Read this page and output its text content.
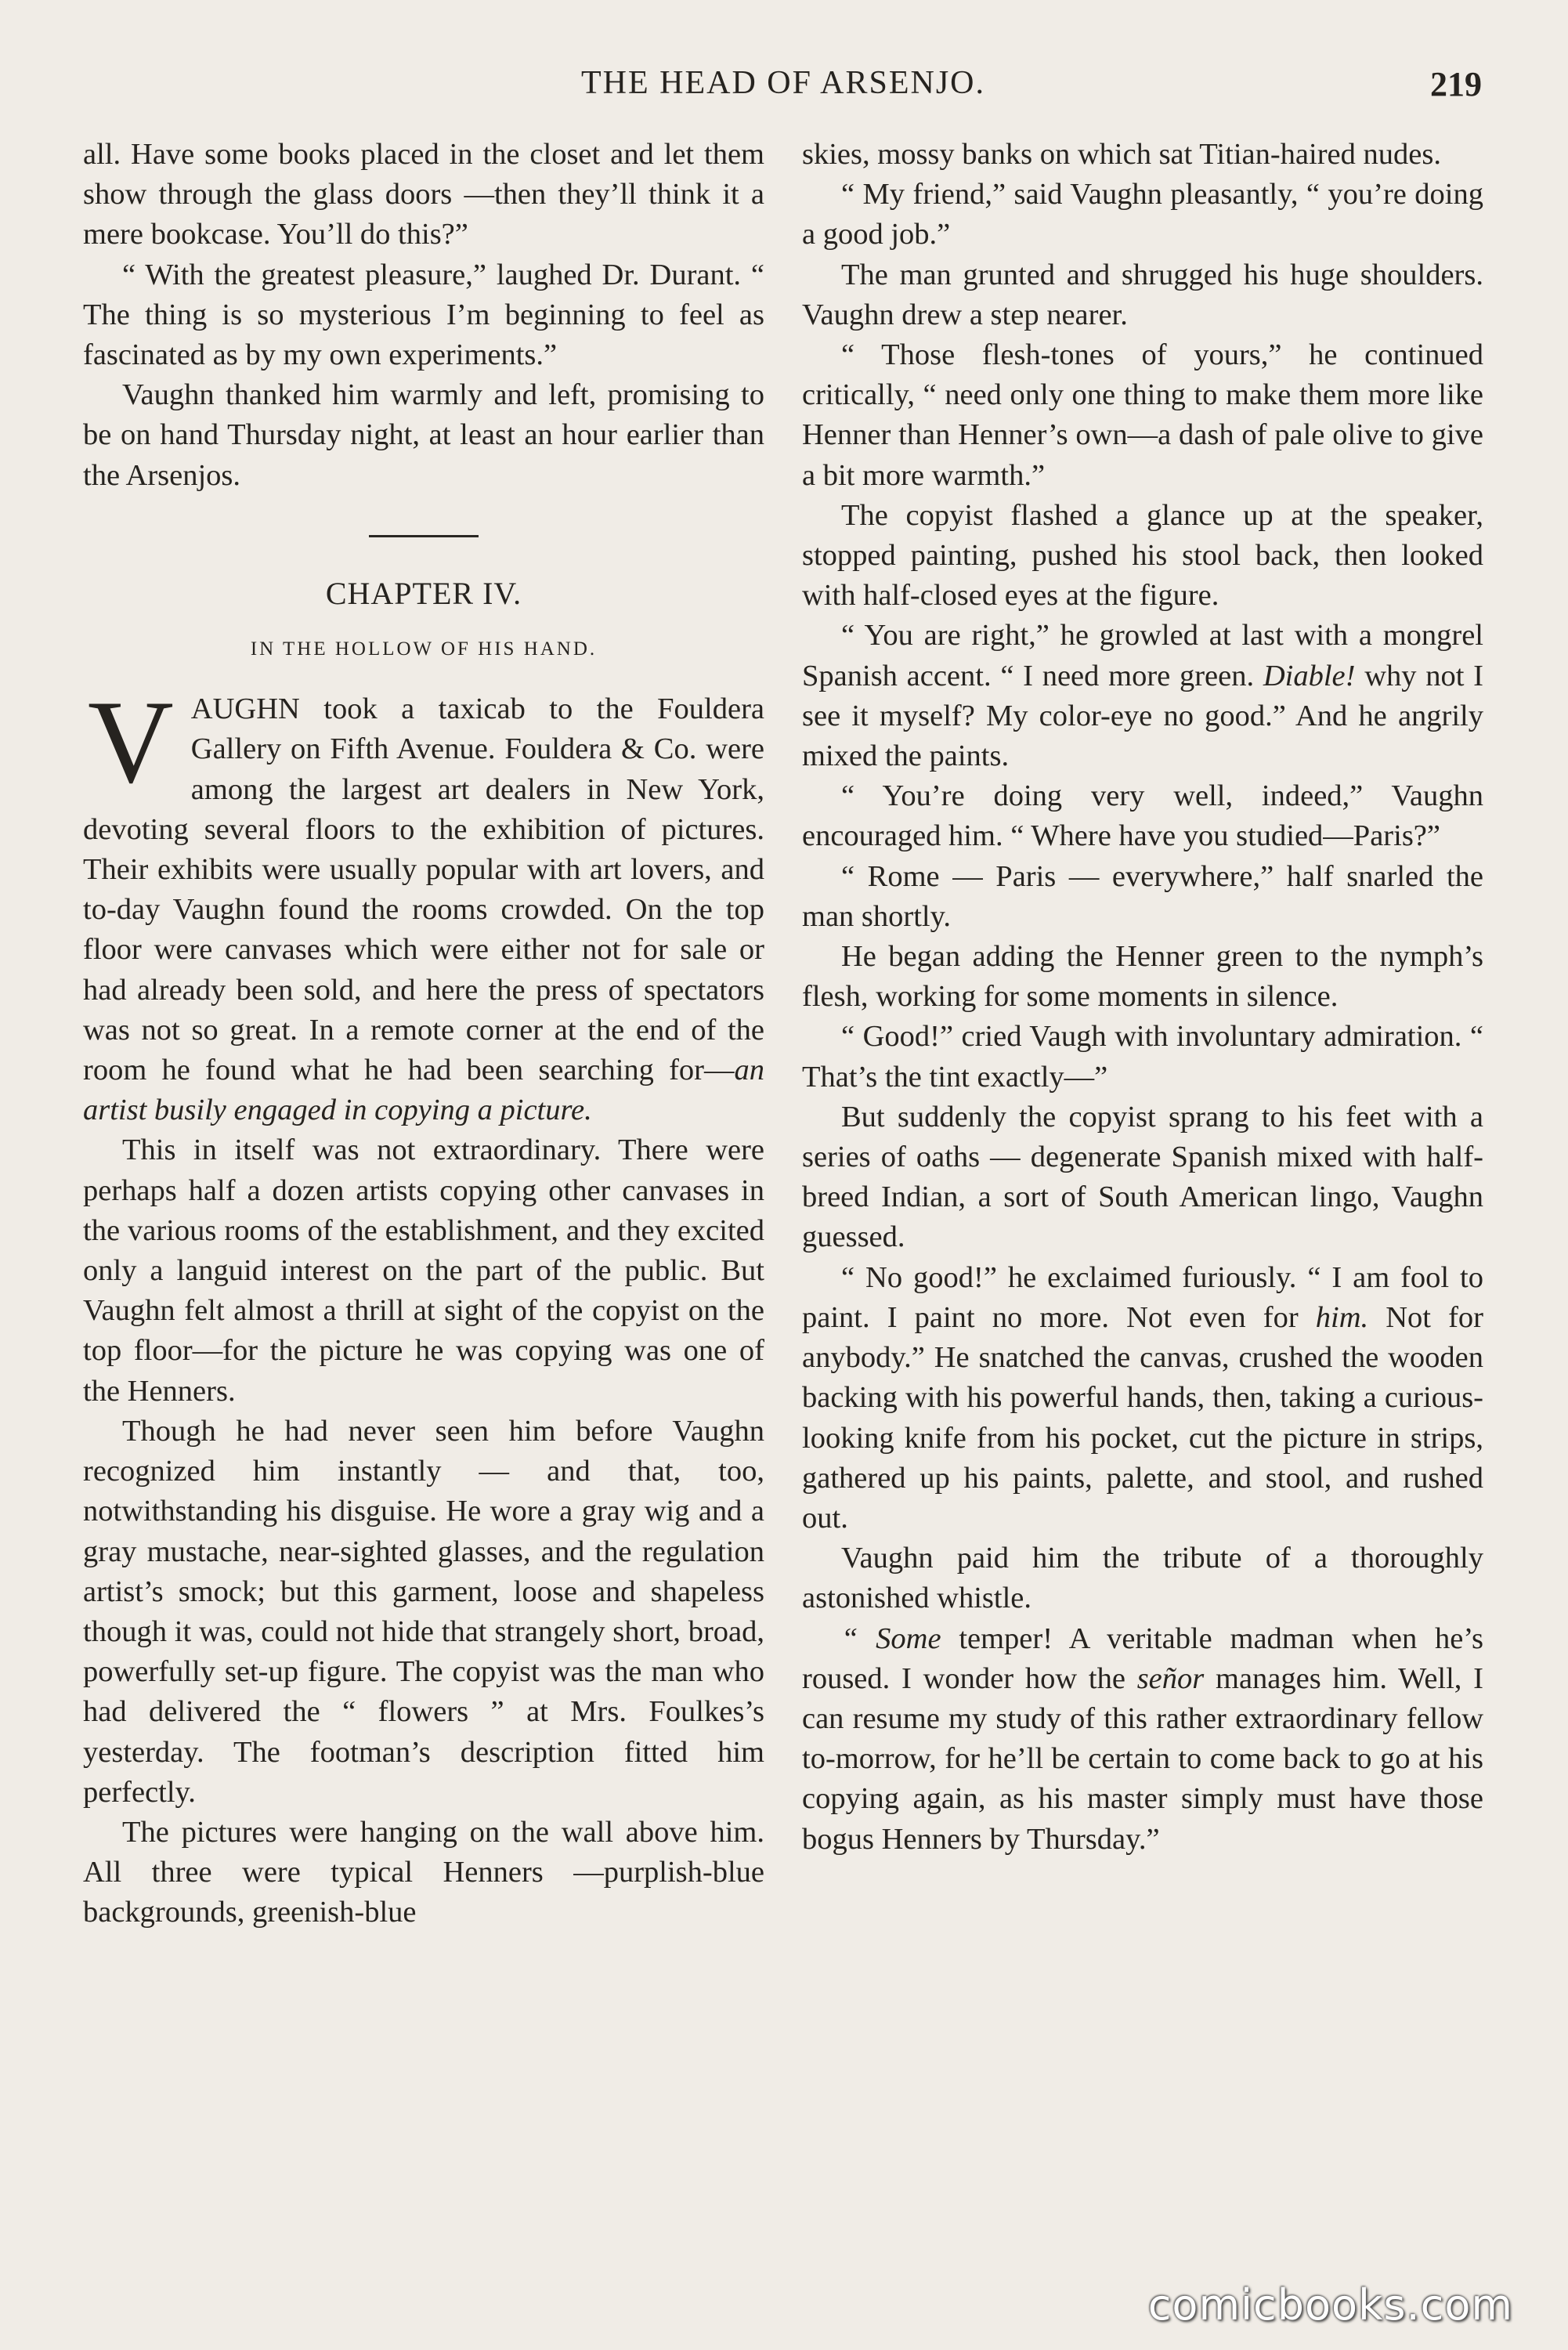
THE HEAD OF ARSENJO.	219

all. Have some books placed in the closet and let them show through the glass doors —then they’ll think it a mere bookcase. You’ll do this?”

“ With the greatest pleasure,” laughed Dr. Durant. “ The thing is so mysterious I’m beginning to feel as fascinated as by my own experiments.”

Vaughn thanked him warmly and left, promising to be on hand Thursday night, at least an hour earlier than the Arsenjos.

CHAPTER IV.
IN THE HOLLOW OF HIS HAND.

VAUGHN took a taxicab to the Fouldera Gallery on Fifth Avenue. Fouldera & Co. were among the largest art dealers in New York, devoting several floors to the exhibition of pictures. Their exhibits were usually popular with art lovers, and to-day Vaughn found the rooms crowded. On the top floor were canvases which were either not for sale or had already been sold, and here the press of spectators was not so great. In a remote corner at the end of the room he found what he had been searching for—an artist busily engaged in copying a picture.

This in itself was not extraordinary. There were perhaps half a dozen artists copying other canvases in the various rooms of the establishment, and they excited only a languid interest on the part of the public. But Vaughn felt almost a thrill at sight of the copyist on the top floor—for the picture he was copying was one of the Henners.

Though he had never seen him before Vaughn recognized him instantly — and that, too, notwithstanding his disguise. He wore a gray wig and a gray mustache, near-sighted glasses, and the regulation artist’s smock; but this garment, loose and shapeless though it was, could not hide that strangely short, broad, powerfully set-up figure. The copyist was the man who had delivered the “ flowers ” at Mrs. Foulkes’s yesterday. The footman’s description fitted him perfectly.

The pictures were hanging on the wall above him. All three were typical Henners —purplish-blue backgrounds, greenish-blue

skies, mossy banks on which sat Titian-haired nudes.

“ My friend,” said Vaughn pleasantly, “ you’re doing a good job.”

The man grunted and shrugged his huge shoulders. Vaughn drew a step nearer.

“ Those flesh-tones of yours,” he continued critically, “ need only one thing to make them more like Henner than Henner’s own—a dash of pale olive to give a bit more warmth.”

The copyist flashed a glance up at the speaker, stopped painting, pushed his stool back, then looked with half-closed eyes at the figure.

“ You are right,” he growled at last with a mongrel Spanish accent. “ I need more green. Diable! why not I see it myself? My color-eye no good.” And he angrily mixed the paints.

“ You’re doing very well, indeed,” Vaughn encouraged him. “ Where have you studied—Paris?”

“ Rome — Paris — everywhere,” half snarled the man shortly.

He began adding the Henner green to the nymph’s flesh, working for some moments in silence.

“ Good!” cried Vaugh with involuntary admiration. “ That’s the tint exactly—”

But suddenly the copyist sprang to his feet with a series of oaths — degenerate Spanish mixed with half-breed Indian, a sort of South American lingo, Vaughn guessed.

“ No good!” he exclaimed furiously. “ I am fool to paint. I paint no more. Not even for him. Not for anybody.” He snatched the canvas, crushed the wooden backing with his powerful hands, then, taking a curious-looking knife from his pocket, cut the picture in strips, gathered up his paints, palette, and stool, and rushed out.

Vaughn paid him the tribute of a thoroughly astonished whistle.

“ Some temper! A veritable madman when he’s roused. I wonder how the señor manages him. Well, I can resume my study of this rather extraordinary fellow to-morrow, for he’ll be certain to come back to go at his copying again, as his master simply must have those bogus Henners by Thursday.”

comicbooks.com
